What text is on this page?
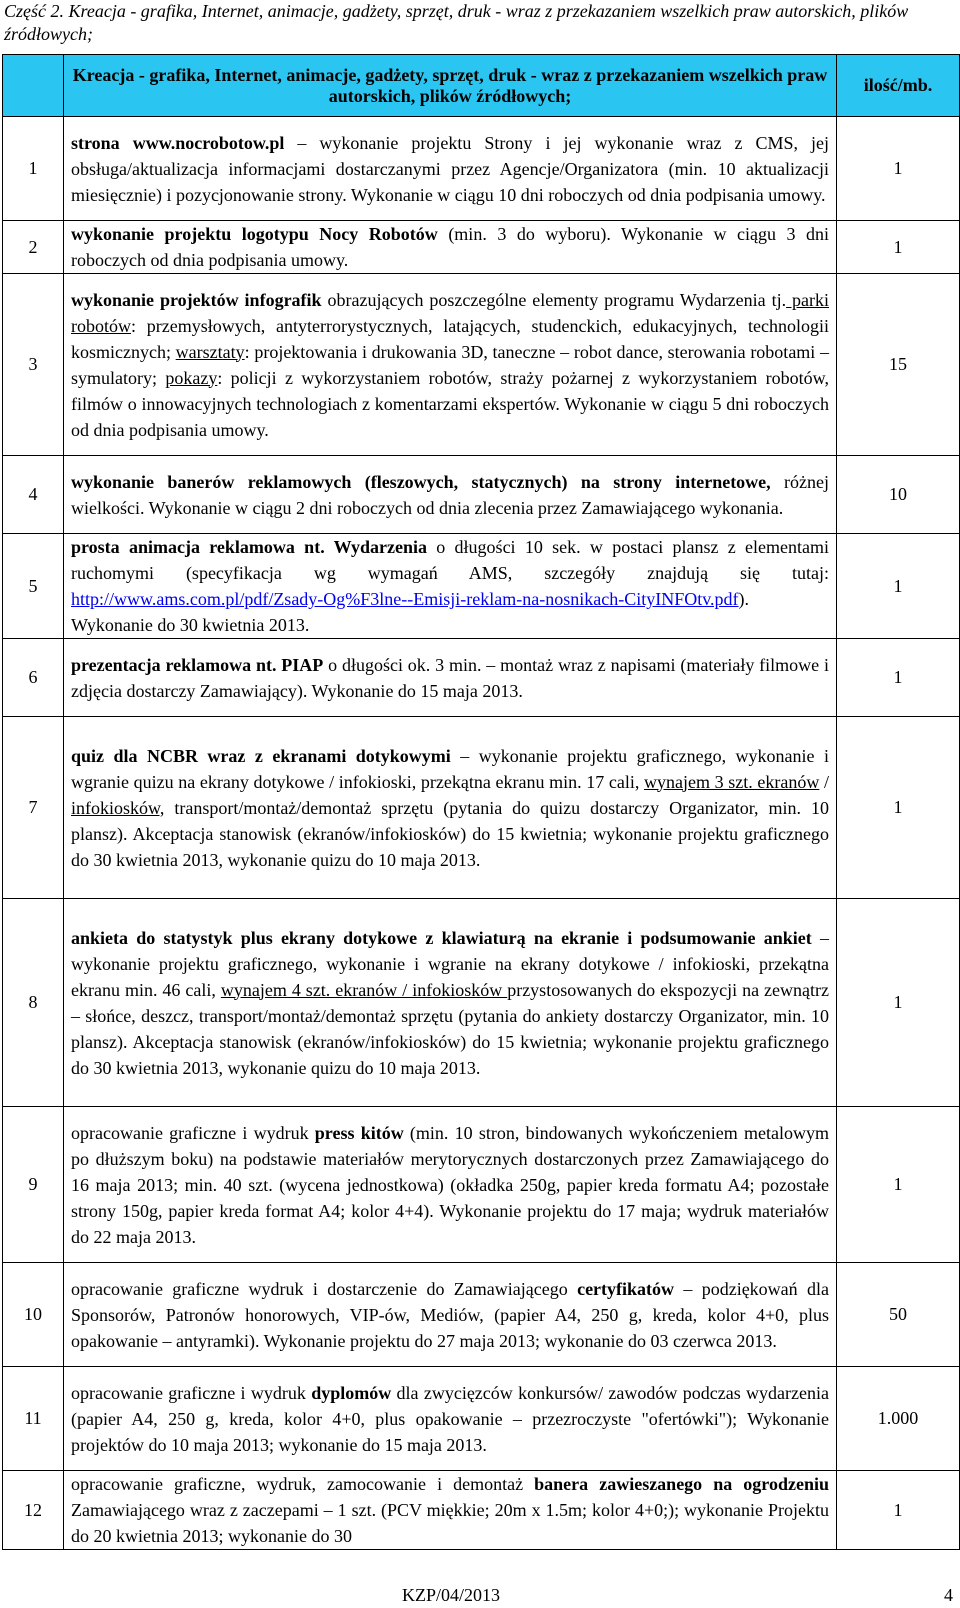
Część 2. Kreacja - grafika, Internet, animacje, gadżety, sprzęt, druk - wraz z przekazaniem wszelkich praw autorskich, plików źródłowych;
	Kreacja - grafika, Internet, animacje, gadżety, sprzęt, druk - wraz z przekazaniem wszelkich praw autorskich, plików źródłowych;	ilość/mb.
1	strona www.nocrobotow.pl – wykonanie projektu Strony i jej wykonanie wraz z CMS, jej obsługa/aktualizacja informacjami dostarczanymi przez Agencje/Organizatora (min. 10 aktualizacji miesięcznie) i pozycjonowanie strony. Wykonanie w ciągu 10 dni roboczych od dnia podpisania umowy.	1
2	wykonanie projektu logotypu Nocy Robotów (min. 3 do wyboru). Wykonanie w ciągu 3 dni roboczych od dnia podpisania umowy.	1
3	wykonanie projektów infografik obrazujących poszczególne elementy programu Wydarzenia tj. parki robotów: przemysłowych, antyterrorystycznych, latających, studenckich, edukacyjnych, technologii kosmicznych; warsztaty: projektowania i drukowania 3D, taneczne – robot dance, sterowania robotami – symulatory; pokazy: policji z wykorzystaniem robotów, straży pożarnej z wykorzystaniem robotów, filmów o innowacyjnych technologiach z komentarzami ekspertów. Wykonanie w ciągu 5 dni roboczych od dnia podpisania umowy.	15
4	wykonanie banerów reklamowych (fleszowych, statycznych) na strony internetowe, różnej wielkości. Wykonanie w ciągu 2 dni roboczych od dnia zlecenia przez Zamawiającego wykonania.	10
5	prosta animacja reklamowa nt. Wydarzenia o długości 10 sek. w postaci plansz z elementami ruchomymi (specyfikacja wg wymagań AMS, szczegóły znajdują się tutaj: http://www.ams.com.pl/pdf/Zsady-Og%F3lne--Emisji-reklam-na-nosnikach-CityINFOtv.pdf). Wykonanie do 30 kwietnia 2013.	1
6	prezentacja reklamowa nt. PIAP o długości ok. 3 min. – montaż wraz z napisami (materiały filmowe i zdjęcia dostarczy Zamawiający). Wykonanie do 15 maja 2013.	1
7	quiz dla NCBR wraz z ekranami dotykowymi – wykonanie projektu graficznego, wykonanie i wgranie quizu na ekrany dotykowe / infokioski, przekątna ekranu min. 17 cali, wynajem 3 szt. ekranów / infokiosków, transport/montaż/demontaż sprzętu (pytania do quizu dostarczy Organizator, min. 10 plansz). Akceptacja stanowisk (ekranów/infokiosków) do 15 kwietnia; wykonanie projektu graficznego do 30 kwietnia 2013, wykonanie quizu do 10 maja 2013.	1
8	ankieta do statystyk plus ekrany dotykowe z klawiaturą na ekranie i podsumowanie ankiet – wykonanie projektu graficznego, wykonanie i wgranie na ekrany dotykowe / infokioski, przekątna ekranu min. 46 cali, wynajem 4 szt. ekranów / infokiosków przystosowanych do ekspozycji na zewnątrz – słońce, deszcz, transport/montaż/demontaż sprzętu (pytania do ankiety dostarczy Organizator, min. 10 plansz). Akceptacja stanowisk (ekranów/infokiosków) do 15 kwietnia; wykonanie projektu graficznego do 30 kwietnia 2013, wykonanie quizu do 10 maja 2013.	1
9	opracowanie graficzne i wydruk press kitów (min. 10 stron, bindowanych wykończeniem metalowym po dłuższym boku) na podstawie materiałów merytorycznych dostarczonych przez Zamawiającego do 16 maja 2013; min. 40 szt. (wycena jednostkowa) (okładka 250g, papier kreda formatu A4; pozostałe strony 150g, papier kreda format A4; kolor 4+4). Wykonanie projektu do 17 maja; wydruk materiałów do 22 maja 2013.	1
10	opracowanie graficzne wydruk i dostarczenie do Zamawiającego certyfikatów – podziękowań dla Sponsorów, Patronów honorowych, VIP-ów, Mediów, (papier A4, 250 g, kreda, kolor 4+0, plus opakowanie – antyramki). Wykonanie projektu do 27 maja 2013; wykonanie do 03 czerwca 2013.	50
11	opracowanie graficzne i wydruk dyplomów dla zwycięzców konkursów/ zawodów podczas wydarzenia (papier A4, 250 g, kreda, kolor 4+0, plus opakowanie – przezroczyste "ofertówki"); Wykonanie projektów do 10 maja 2013; wykonanie do 15 maja 2013.	1.000
12	opracowanie graficzne, wydruk, zamocowanie i demontaż banera zawieszanego na ogrodzeniu Zamawiającego wraz z zaczepami – 1 szt. (PCV miękkie; 20m x 1.5m; kolor 4+0;); wykonanie Projektu do 20 kwietnia 2013; wykonanie do 30	1
KZP/04/2013	4
